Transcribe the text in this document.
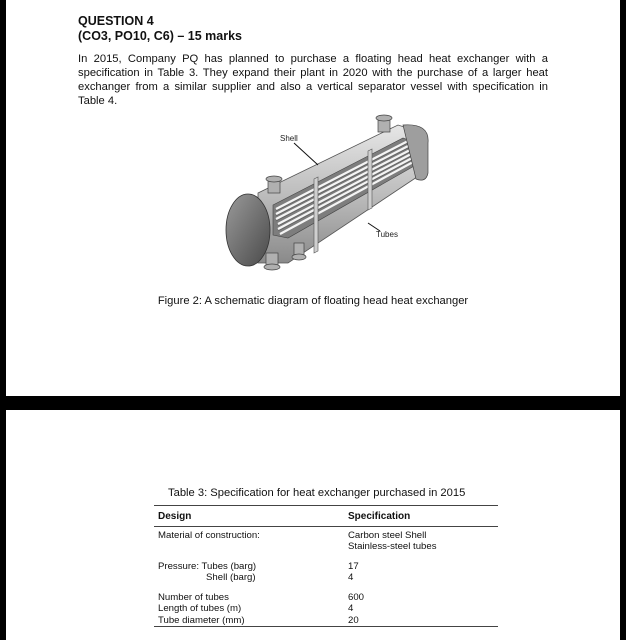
QUESTION 4
(CO3, PO10, C6) – 15 marks
In 2015, Company PQ has planned to purchase a floating head heat exchanger with a specification in Table 3. They expand their plant in 2020 with the purchase of a larger heat exchanger from a similar supplier and also a vertical separator vessel with specification in Table 4.
Shell
Tubes
Figure 2: A schematic diagram of floating head heat exchanger
Table 3: Specification for heat exchanger purchased in 2015
Design	Specification
Material of construction:	Carbon steel Shell
Stainless-steel tubes

Pressure: Tubes (barg)	17

Shell (barg)	4

Number of tubes	600
Length of tubes (m)	4
Tube diameter (mm)	20
